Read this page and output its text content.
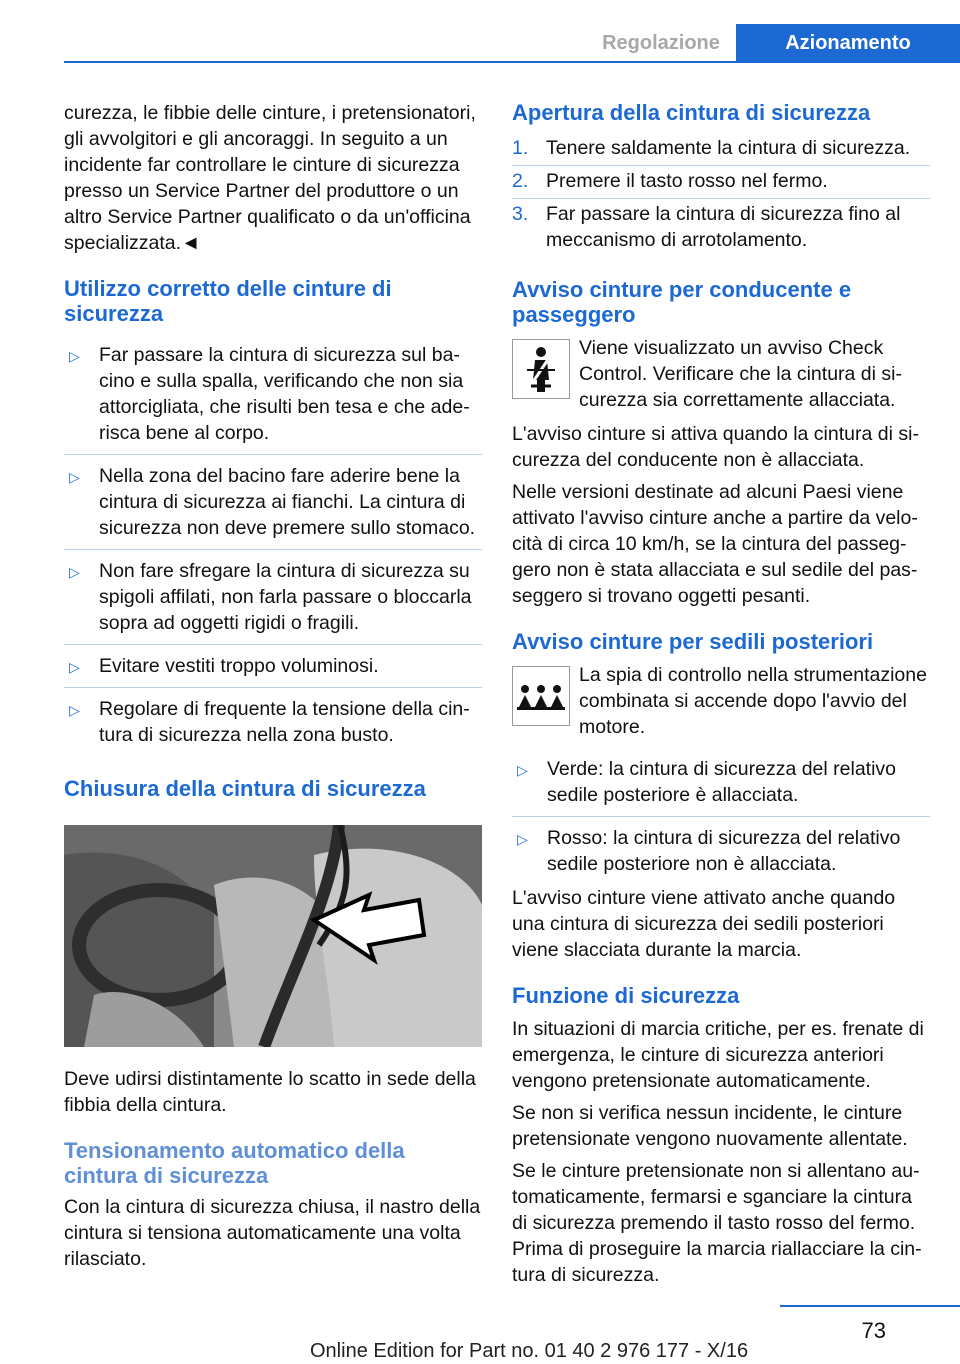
Regolazione	Azionamento

curezza, le fibbie delle cinture, i pretensionatori, gli avvolgitori e gli ancoraggi. In seguito a un incidente far controllare le cinture di sicurezza presso un Service Partner del produttore o un altro Service Partner qualificato o da un'officina specializzata.◄

Utilizzo corretto delle cinture di sicurezza
▷ Far passare la cintura di sicurezza sul bacino e sulla spalla, verificando che non sia attorcigliata, che risulti ben tesa e che aderisca bene al corpo.
▷ Nella zona del bacino fare aderire bene la cintura di sicurezza ai fianchi. La cintura di sicurezza non deve premere sullo stomaco.
▷ Non fare sfregare la cintura di sicurezza su spigoli affilati, non farla passare o bloccarla sopra ad oggetti rigidi o fragili.
▷ Evitare vestiti troppo voluminosi.
▷ Regolare di frequente la tensione della cintura di sicurezza nella zona busto.
Chiusura della cintura di sicurezza

Deve udirsi distintamente lo scatto in sede della fibbia della cintura.

Tensionamento automatico della cintura di sicurezza

Con la cintura di sicurezza chiusa, il nastro della cintura si tensiona automaticamente una volta rilasciato.

Apertura della cintura di sicurezza
1. Tenere saldamente la cintura di sicurezza.
2. Premere il tasto rosso nel fermo.
3. Far passare la cintura di sicurezza fino al meccanismo di arrotolamento.
Avviso cinture per conducente e passeggero
Viene visualizzato un avviso Check Control. Verificare che la cintura di sicurezza sia correttamente allacciata.

L'avviso cinture si attiva quando la cintura di sicurezza del conducente non è allacciata.

Nelle versioni destinate ad alcuni Paesi viene attivato l'avviso cinture anche a partire da velocità di circa 10 km/h, se la cintura del passeggero non è stata allacciata e sul sedile del passeggero si trovano oggetti pesanti.

Avviso cinture per sedili posteriori
La spia di controllo nella strumentazione combinata si accende dopo l'avvio del motore.
▷ Verde: la cintura di sicurezza del relativo sedile posteriore è allacciata.
▷ Rosso: la cintura di sicurezza del relativo sedile posteriore non è allacciata.

L'avviso cinture viene attivato anche quando una cintura di sicurezza dei sedili posteriori viene slacciata durante la marcia.

Funzione di sicurezza

In situazioni di marcia critiche, per es. frenate di emergenza, le cinture di sicurezza anteriori vengono pretensionate automaticamente.

Se non si verifica nessun incidente, le cinture pretensionate vengono nuovamente allentate.

Se le cinture pretensionate non si allentano automaticamente, fermarsi e sganciare la cintura di sicurezza premendo il tasto rosso del fermo. Prima di proseguire la marcia riallacciare la cintura di sicurezza.

73
Online Edition for Part no. 01 40 2 976 177 - X/16
